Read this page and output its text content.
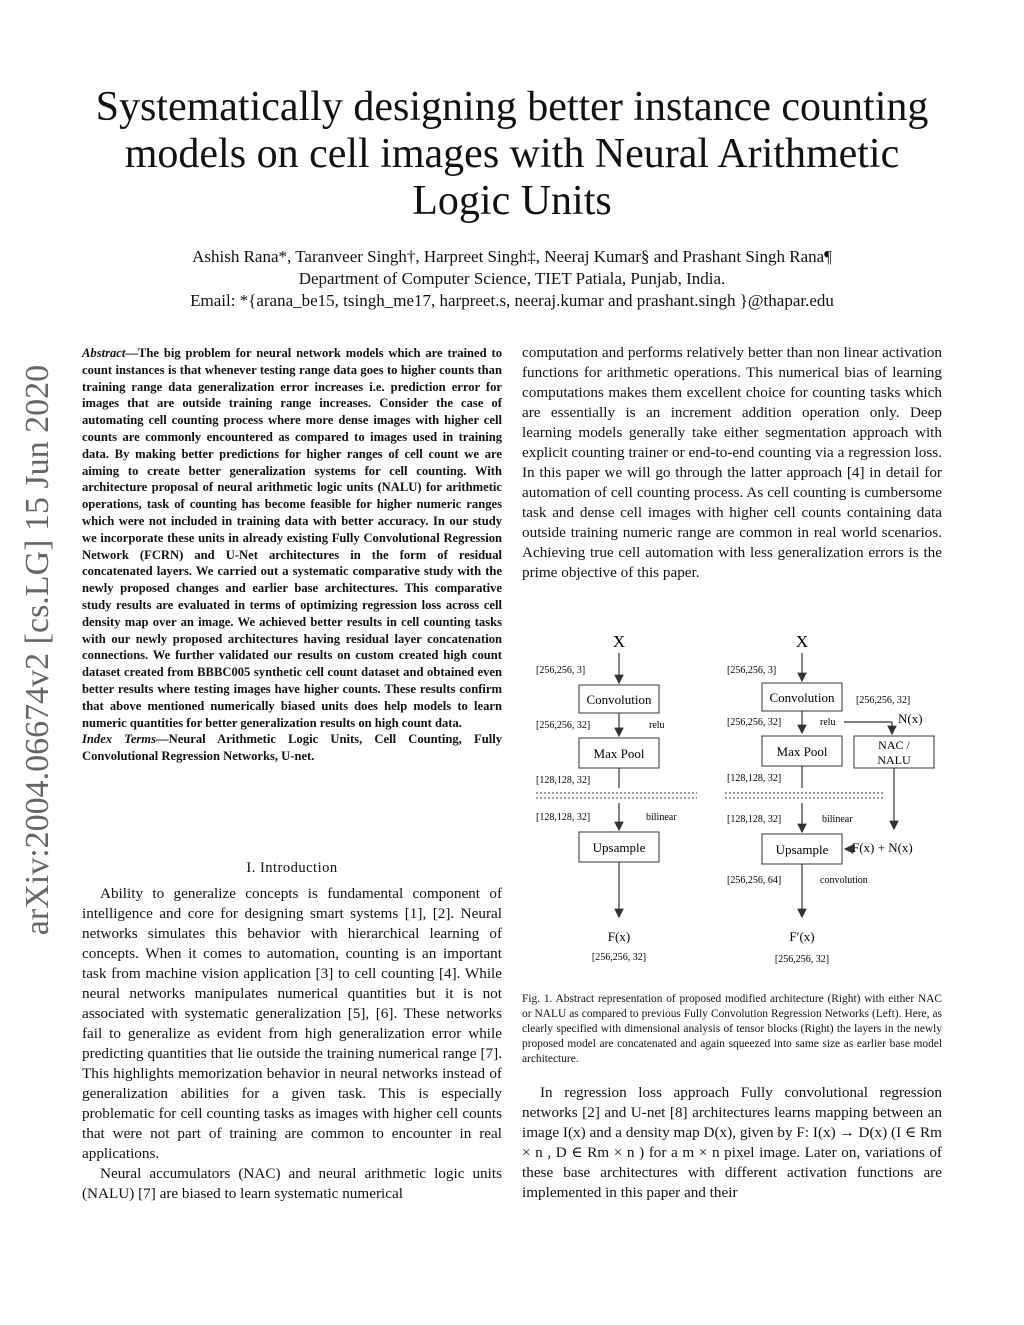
arXiv:2004.06674v2 [cs.LG] 15 Jun 2020
Systematically designing better instance counting models on cell images with Neural Arithmetic Logic Units
Ashish Rana*, Taranveer Singh†, Harpreet Singh‡, Neeraj Kumar§ and Prashant Singh Rana¶
Department of Computer Science, TIET Patiala, Punjab, India.
Email: *{arana_be15, tsingh_me17, harpreet.s, neeraj.kumar and prashant.singh }@thapar.edu
Abstract—The big problem for neural network models which are trained to count instances is that whenever testing range data goes to higher counts than training range data generalization error increases i.e. prediction error for images that are outside training range increases. Consider the case of automating cell counting process where more dense images with higher cell counts are commonly encountered as compared to images used in training data. By making better predictions for higher ranges of cell count we are aiming to create better generalization systems for cell counting. With architecture proposal of neural arithmetic logic units (NALU) for arithmetic operations, task of counting has become feasible for higher numeric ranges which were not included in training data with better accuracy. In our study we incorporate these units in already existing Fully Convolutional Regression Network (FCRN) and U-Net architectures in the form of residual concatenated layers. We carried out a systematic comparative study with the newly proposed changes and earlier base architectures. This comparative study results are evaluated in terms of optimizing regression loss across cell density map over an image. We achieved better results in cell counting tasks with our newly proposed architectures having residual layer concatenation connections. We further validated our results on custom created high count dataset created from BBBC005 synthetic cell count dataset and obtained even better results where testing images have higher counts. These results confirm that above mentioned numerically biased units does help models to learn numeric quantities for better generalization results on high count data.
Index Terms—Neural Arithmetic Logic Units, Cell Counting, Fully Convolutional Regression Networks, U-net.
I. Introduction

Ability to generalize concepts is fundamental component of intelligence and core for designing smart systems [1], [2]. Neural networks simulates this behavior with hierarchical learning of concepts. When it comes to automation, counting is an important task from machine vision application [3] to cell counting [4]. While neural networks manipulates numerical quantities but it is not associated with systematic generalization [5], [6]. These networks fail to generalize as evident from high generalization error while predicting quantities that lie outside the training numerical range [7]. This highlights memorization behavior in neural networks instead of generalization abilities for a given task. This is especially problematic for cell counting tasks as images with higher cell counts that were not part of training are common to encounter in real applications.

Neural accumulators (NAC) and neural arithmetic logic units (NALU) [7] are biased to learn systematic numerical

computation and performs relatively better than non linear activation functions for arithmetic operations. This numerical bias of learning computations makes them excellent choice for counting tasks which are essentially is an increment addition operation only. Deep learning models generally take either segmentation approach with explicit counting trainer or end-to-end counting via a regression loss. In this paper we will go through the latter approach [4] in detail for automation of cell counting process. As cell counting is cumbersome task and dense cell images with higher cell counts containing data outside training numeric range are common in real world scenarios. Achieving true cell automation with less generalization errors is the prime objective of this paper.
X
[256,256, 3]
Convolution
[256,256, 32]	relu
Max Pool
[128,128, 32]
[128,128, 32]	bilinear
Upsample
F(x)
[256,256, 32]
X
[256,256, 3]
Convolution [256,256, 32]
[256,256, 32]	relu	N(x)
NAC /
NALU
Max Pool
[128,128, 32]
[128,128, 32]	bilinear
Upsample F(x) + N(x)
[256,256, 64]	convolution
F′(x)
[256,256, 32]
Fig. 1. Abstract representation of proposed modified architecture (Right) with either NAC or NALU as compared to previous Fully Convolution Regression Networks (Left). Here, as clearly specified with dimensional analysis of tensor blocks (Right) the layers in the newly proposed model are concatenated and again squeezed into same size as earlier base model architecture.
In regression loss approach Fully convolutional regression networks [2] and U-net [8] architectures learns mapping between an image I(x) and a density map D(x), given by F: I(x) → D(x) (I ∈ Rm × n , D ∈ Rm × n ) for a m × n pixel image. Later on, variations of these base architectures with different activation functions are implemented in this paper and their
